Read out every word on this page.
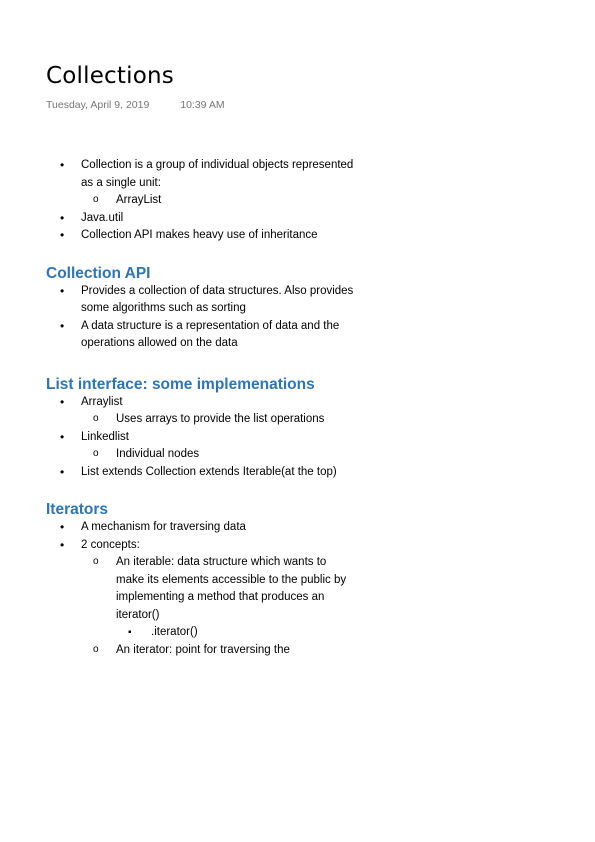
Collections
Tuesday, April 9, 2019	10:39 AM
• Collection is a group of individual objects represented as a single unit:
o ArrayList
• Java.util
• Collection API makes heavy use of inheritance
Collection API
• Provides a collection of data structures. Also provides some algorithms such as sorting
• A data structure is a representation of data and the operations allowed on the data
List interface: some implemenations
• Arraylist
o Uses arrays to provide the list operations
• Linkedlist
o Individual nodes
• List extends Collection extends Iterable(at the top)
Iterators
• A mechanism for traversing data
• 2 concepts:
o An iterable: data structure which wants to make its elements accessible to the public by implementing a method that produces an iterator()
▪ .iterator()
o An iterator: point for traversing the
